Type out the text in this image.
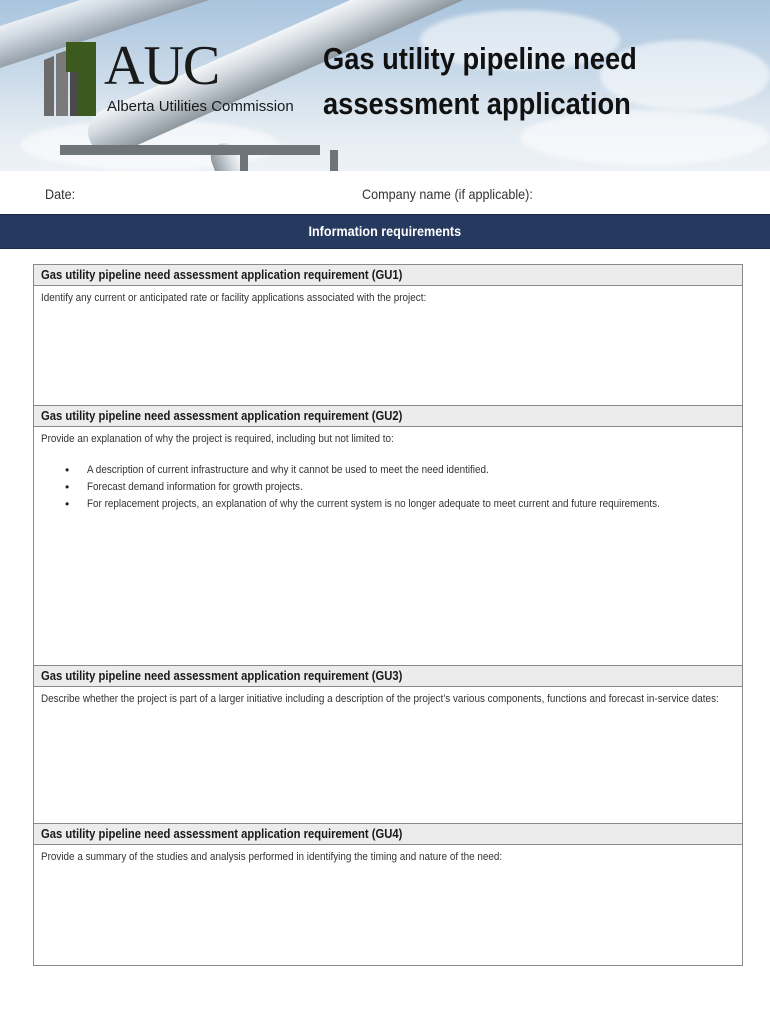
AUC
Alberta Utilities Commission
Gas utility pipeline need
assessment application
Date:	Company name (if applicable):
Information requirements
Gas utility pipeline need assessment application requirement (GU1)
Identify any current or anticipated rate or facility applications associated with the project:
Gas utility pipeline need assessment application requirement (GU2)
Provide an explanation of why the project is required, including but not limited to:
• A description of current infrastructure and why it cannot be used to meet the need identified.
• Forecast demand information for growth projects.
• For replacement projects, an explanation of why the current system is no longer adequate to meet current and future requirements.
Gas utility pipeline need assessment application requirement (GU3)
Describe whether the project is part of a larger initiative including a description of the project’s various components, functions and forecast in-service dates:
Gas utility pipeline need assessment application requirement (GU4)
Provide a summary of the studies and analysis performed in identifying the timing and nature of the need:
